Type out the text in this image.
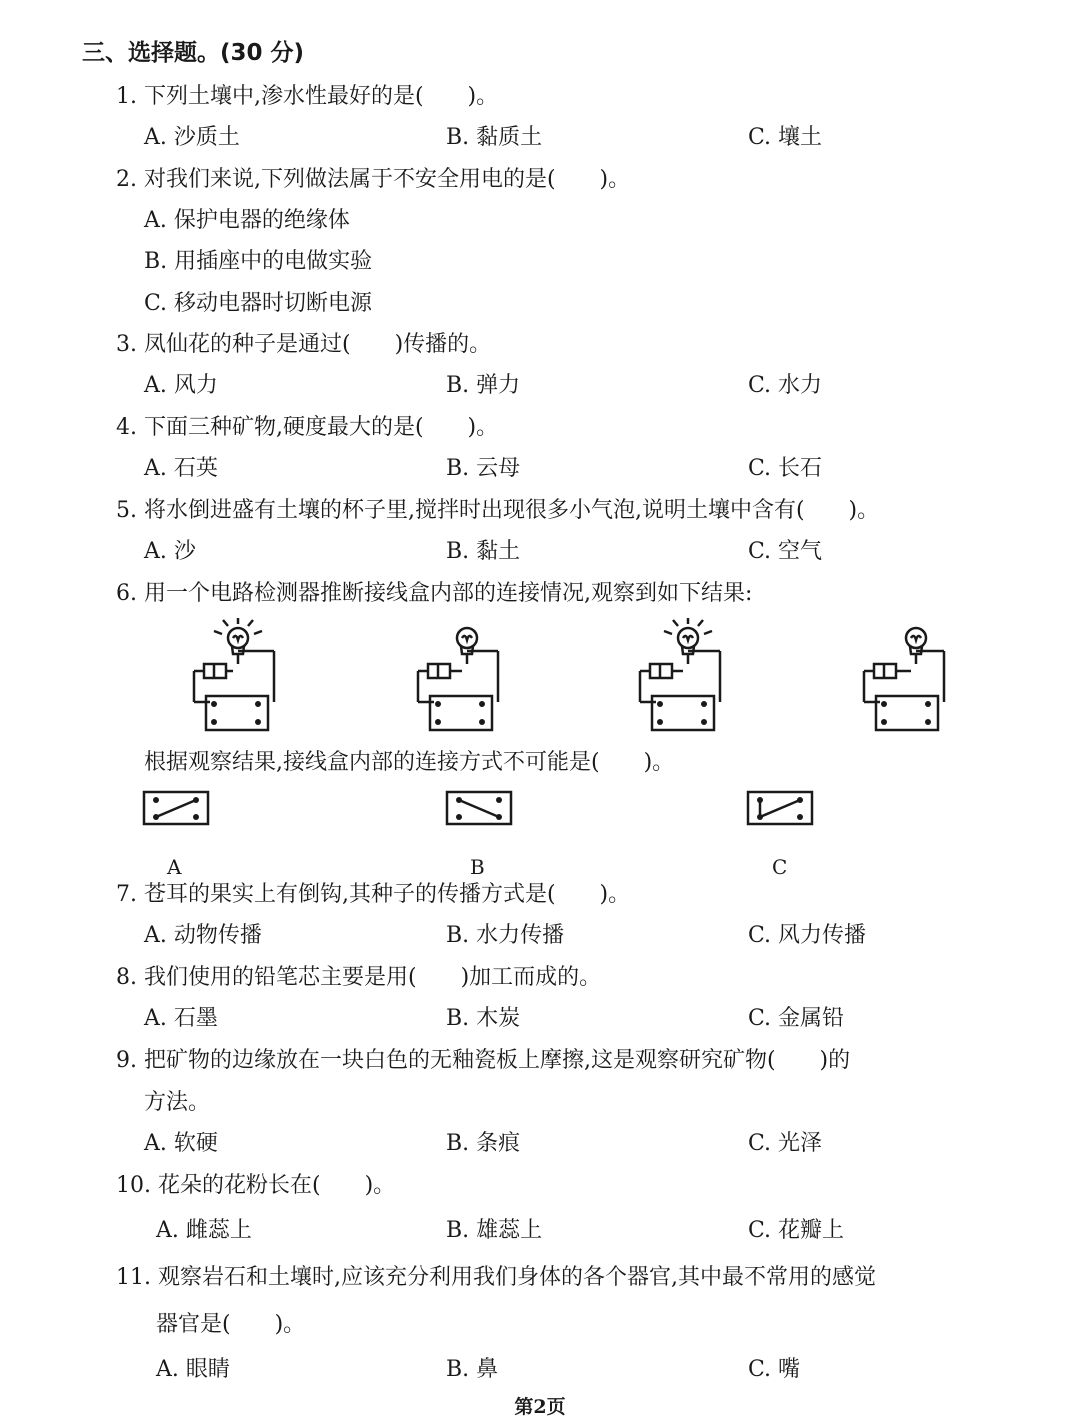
三、选择题。(30 分)
1. 下列土壤中,渗水性最好的是(　　)。
A. 沙质土	B. 黏质土	C. 壤土
2. 对我们来说,下列做法属于不安全用电的是(　　)。
A. 保护电器的绝缘体
B. 用插座中的电做实验
C. 移动电器时切断电源
3. 凤仙花的种子是通过(　　)传播的。
A. 风力	B. 弹力	C. 水力
4. 下面三种矿物,硬度最大的是(　　)。
A. 石英	B. 云母	C. 长石
5. 将水倒进盛有土壤的杯子里,搅拌时出现很多小气泡,说明土壤中含有(　　)。
A. 沙	B. 黏土	C. 空气
6. 用一个电路检测器推断接线盒内部的连接情况,观察到如下结果:
根据观察结果,接线盒内部的连接方式不可能是(　　)。
A	B	C
7. 苍耳的果实上有倒钩,其种子的传播方式是(　　)。
A. 动物传播	B. 水力传播	C. 风力传播
8. 我们使用的铅笔芯主要是用(　　)加工而成的。
A. 石墨	B. 木炭	C. 金属铅
9. 把矿物的边缘放在一块白色的无釉瓷板上摩擦,这是观察研究矿物(　　)的
方法。
A. 软硬	B. 条痕	C. 光泽
10. 花朵的花粉长在(　　)。
A. 雌蕊上	B. 雄蕊上	C. 花瓣上
11. 观察岩石和土壤时,应该充分利用我们身体的各个器官,其中最不常用的感觉
器官是(　　)。
A. 眼睛	B. 鼻	C. 嘴
第2页
